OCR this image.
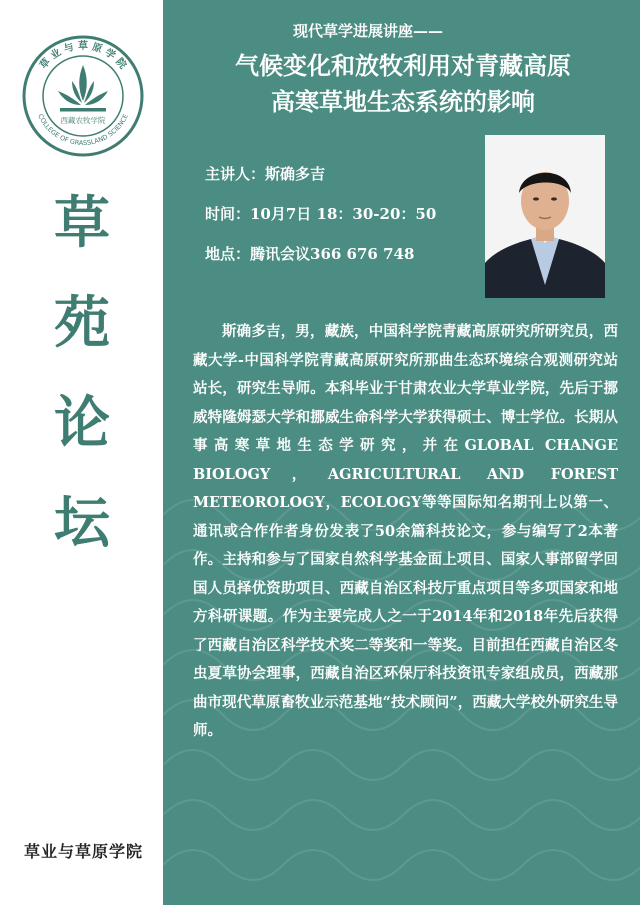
草 业 与 草 原 学 院
COLLEGE OF GRASSLAND SCIENCE
西藏农牧学院
草
苑
论
坛
草业与草原学院
现代草学进展讲座——
气候变化和放牧利用对青藏高原
高寒草地生态系统的影响
主讲人：斯确多吉
时间：10月7日 18：30-20：50
地点：腾讯会议366 676 748

斯确多吉，男，藏族，中国科学院青藏高原研究所研究员，西藏大学-中国科学院青藏高原研究所那曲生态环境综合观测研究站站长，研究生导师。本科毕业于甘肃农业大学草业学院，先后于挪威特隆姆瑟大学和挪威生命科学大学获得硕士、博士学位。长期从事高寒草地生态学研究，并在GLOBAL CHANGE BIOLOGY，AGRICULTURAL AND FOREST METEOROLOGY，ECOLOGY等等国际知名期刊上以第一、通讯或合作作者身份发表了50余篇科技论文，参与编写了2本著作。主持和参与了国家自然科学基金面上项目、国家人事部留学回国人员择优资助项目、西藏自治区科技厅重点项目等多项国家和地方科研课题。作为主要完成人之一于2014年和2018年先后获得了西藏自治区科学技术奖二等奖和一等奖。目前担任西藏自治区冬虫夏草协会理事，西藏自治区环保厅科技资讯专家组成员，西藏那曲市现代草原畜牧业示范基地“技术顾问”，西藏大学校外研究生导师。
